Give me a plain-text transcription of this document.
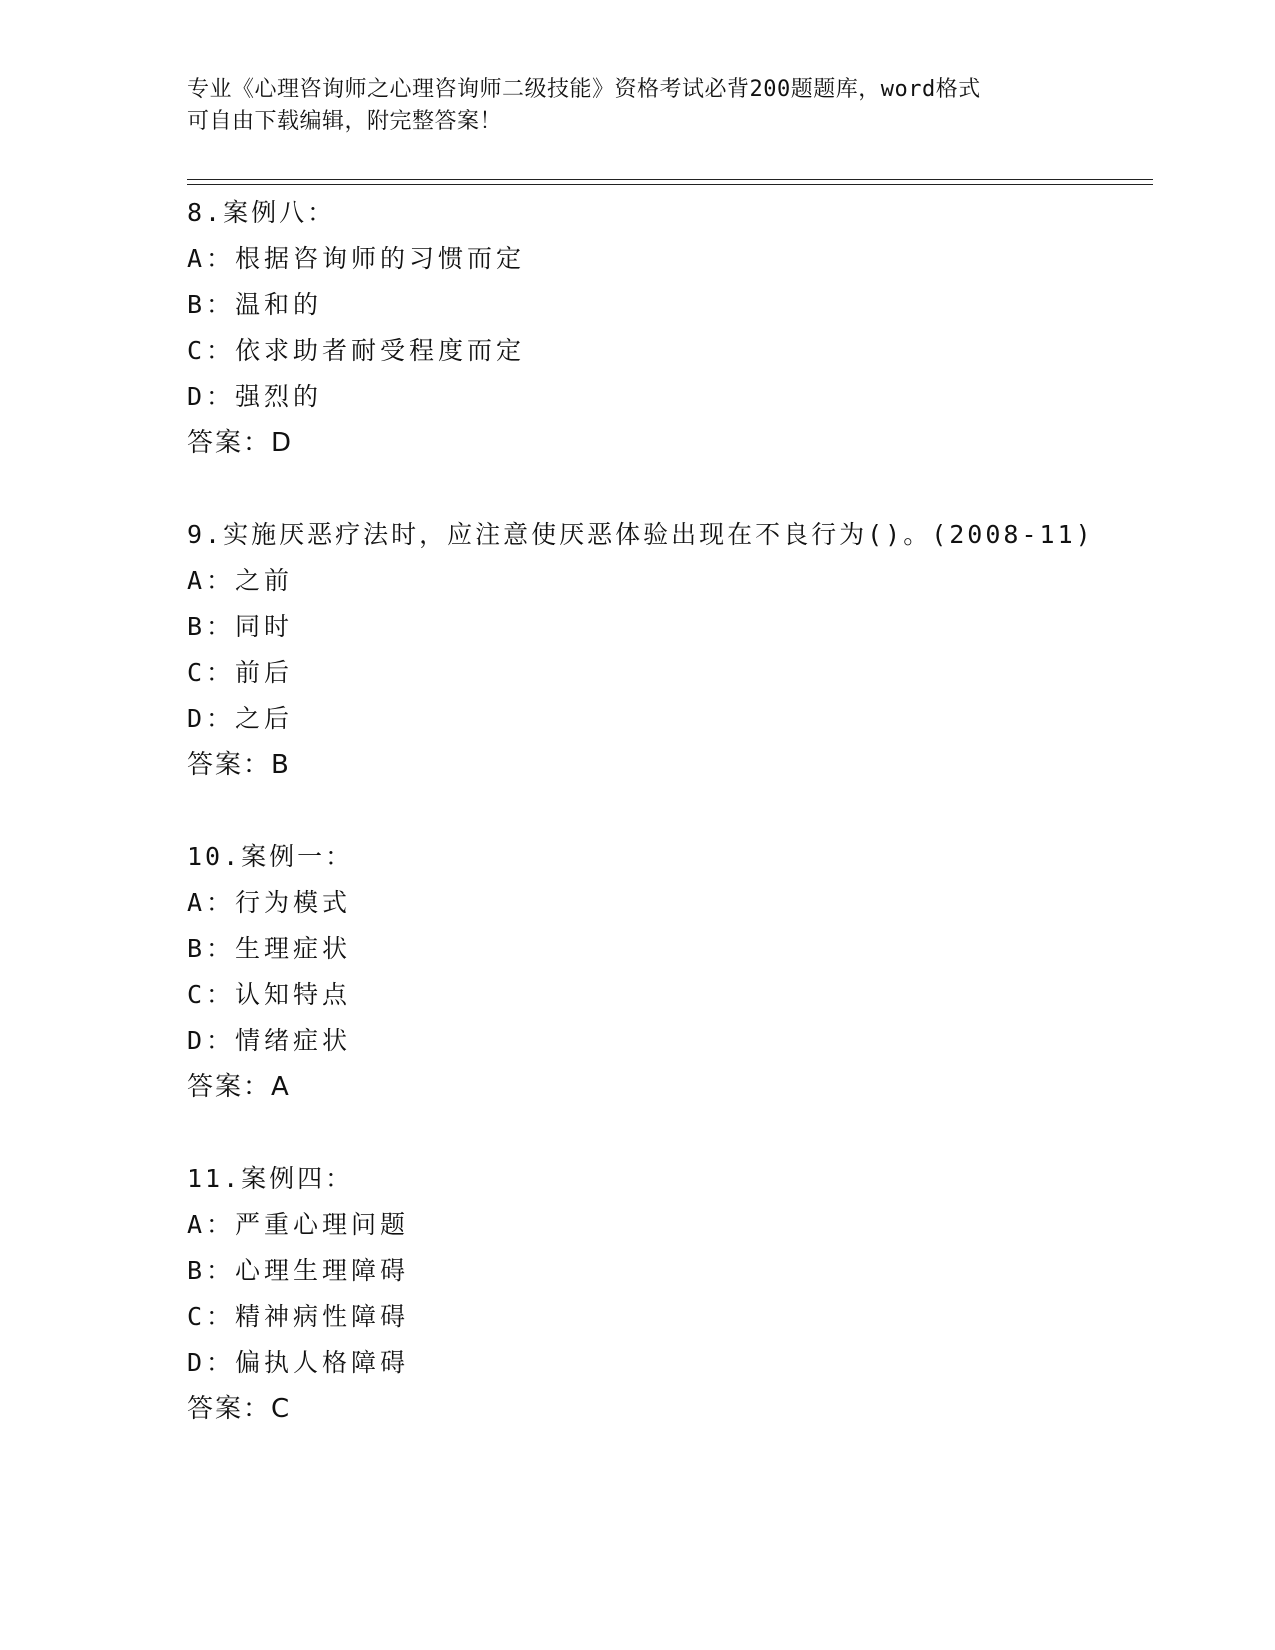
专业《心理咨询师之心理咨询师二级技能》资格考试必背200题题库，word格式
可自由下载编辑，附完整答案！
8.案例八：
A：根据咨询师的习惯而定
B：温和的
C：依求助者耐受程度而定
D：强烈的
答案：D
9.实施厌恶疗法时，应注意使厌恶体验出现在不良行为()。(2008-11)
A：之前
B：同时
C：前后
D：之后
答案：B
10.案例一：
A：行为模式
B：生理症状
C：认知特点
D：情绪症状
答案：A
11.案例四：
A：严重心理问题
B：心理生理障碍
C：精神病性障碍
D：偏执人格障碍
答案：C
